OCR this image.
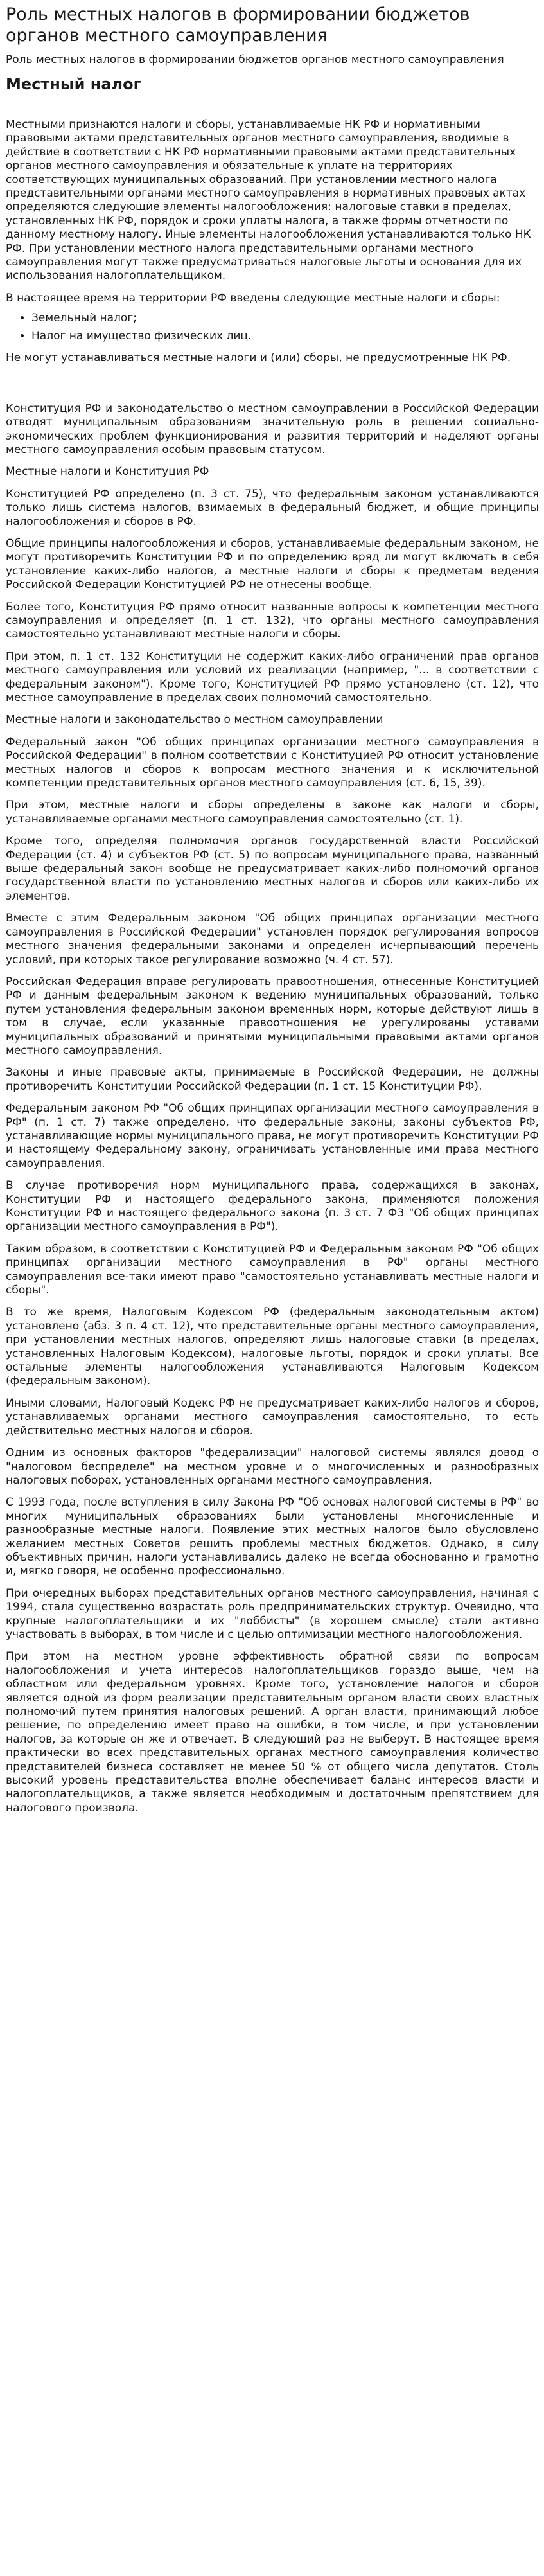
Роль местных налогов в формировании бюджетов органов местного самоуправления
Роль местных налогов в формировании бюджетов органов местного самоуправления
Местный налог

Местными признаются налоги и сборы, устанавливаемые НК РФ и нормативными правовыми актами представительных органов местного самоуправления, вводимые в действие в соответствии с НК РФ нормативными правовыми актами представительных органов местного самоуправления и обязательные к уплате на территориях соответствующих муниципальных образований. При установлении местного налога представительными органами местного самоуправления в нормативных правовых актах определяются следующие элементы налогообложения: налоговые ставки в пределах, установленных НК РФ, порядок и сроки уплаты налога, а также формы отчетности по данному местному налогу. Иные элементы налогообложения устанавливаются только НК РФ. При установлении местного налога представительными органами местного самоуправления могут также предусматриваться налоговые льготы и основания для их использования налогоплательщиком.

В настоящее время на территории РФ введены следующие местные налоги и сборы:

• Земельный налог;
• Налог на имущество физических лиц.

Не могут устанавливаться местные налоги и (или) сборы, не предусмотренные НК РФ.

Конституция РФ и законодательство о местном самоуправлении в Российской Федерации отводят муниципальным образованиям значительную роль в решении социально-экономических проблем функционирования и развития территорий и наделяют органы местного самоуправления особым правовым статусом.

Местные налоги и Конституция РФ

Конституцией РФ определено (п. 3 ст. 75), что федеральным законом устанавливаются только лишь система налогов, взимаемых в федеральный бюджет, и общие принципы налогообложения и сборов в РФ.

Общие принципы налогообложения и сборов, устанавливаемые федеральным законом, не могут противоречить Конституции РФ и по определению вряд ли могут включать в себя установление каких-либо налогов, а местные налоги и сборы к предметам ведения Российской Федерации Конституцией РФ не отнесены вообще.

Более того, Конституция РФ прямо относит названные вопросы к компетенции местного самоуправления и определяет (п. 1 ст. 132), что органы местного самоуправления самостоятельно устанавливают местные налоги и сборы.

При этом, п. 1 ст. 132 Конституции не содержит каких-либо ограничений прав органов местного самоуправления или условий их реализации (например, "... в соответствии с федеральным законом"). Кроме того, Конституцией РФ прямо установлено (ст. 12), что местное самоуправление в пределах своих полномочий самостоятельно.

Местные налоги и законодательство о местном самоуправлении

Федеральный закон "Об общих принципах организации местного самоуправления в Российской Федерации" в полном соответствии с Конституцией РФ относит установление местных налогов и сборов к вопросам местного значения и к исключительной компетенции представительных органов местного самоуправления (ст. 6, 15, 39).

При этом, местные налоги и сборы определены в законе как налоги и сборы, устанавливаемые органами местного самоуправления самостоятельно (ст. 1).

Кроме того, определяя полномочия органов государственной власти Российской Федерации (ст. 4) и субъектов РФ (ст. 5) по вопросам муниципального права, названный выше федеральный закон вообще не предусматривает каких-либо полномочий органов государственной власти по установлению местных налогов и сборов или каких-либо их элементов.

Вместе с этим Федеральным законом "Об общих принципах организации местного самоуправления в Российской Федерации" установлен порядок регулирования вопросов местного значения федеральными законами и определен исчерпывающий перечень условий, при которых такое регулирование возможно (ч. 4 ст. 57).

Российская Федерация вправе регулировать правоотношения, отнесенные Конституцией РФ и данным федеральным законом к ведению муниципальных образований, только путем установления федеральным законом временных норм, которые действуют лишь в том в случае, если указанные правоотношения не урегулированы уставами муниципальных образований и принятыми муниципальными правовыми актами органов местного самоуправления.

Законы и иные правовые акты, принимаемые в Российской Федерации, не должны противоречить Конституции Российской Федерации (п. 1 ст. 15 Конституции РФ).

Федеральным законом РФ "Об общих принципах организации местного самоуправления в РФ" (п. 1 ст. 7) также определено, что федеральные законы, законы субъектов РФ, устанавливающие нормы муниципального права, не могут противоречить Конституции РФ и настоящему Федеральному закону, ограничивать установленные ими права местного самоуправления.

В случае противоречия норм муниципального права, содержащихся в законах, Конституции РФ и настоящего федерального закона, применяются положения Конституции РФ и настоящего федерального закона (п. 3 ст. 7 ФЗ "Об общих принципах организации местного самоуправления в РФ").

Таким образом, в соответствии с Конституцией РФ и Федеральным законом РФ "Об общих принципах организации местного самоуправления в РФ" органы местного самоуправления все-таки имеют право "самостоятельно устанавливать местные налоги и сборы".

В то же время, Налоговым Кодексом РФ (федеральным законодательным актом) установлено (абз. 3 п. 4 ст. 12), что представительные органы местного самоуправления, при установлении местных налогов, определяют лишь налоговые ставки (в пределах, установленных Налоговым Кодексом), налоговые льготы, порядок и сроки уплаты. Все остальные элементы налогообложения устанавливаются Налоговым Кодексом (федеральным законом).

Иными словами, Налоговый Кодекс РФ не предусматривает каких-либо налогов и сборов, устанавливаемых органами местного самоуправления самостоятельно, то есть действительно местных налогов и сборов.

Одним из основных факторов "федерализации" налоговой системы являлся довод о "налоговом беспределе" на местном уровне и о многочисленных и разнообразных налоговых поборах, установленных органами местного самоуправления.

С 1993 года, после вступления в силу Закона РФ "Об основах налоговой системы в РФ" во многих муниципальных образованиях были установлены многочисленные и разнообразные местные налоги. Появление этих местных налогов было обусловлено желанием местных Советов решить проблемы местных бюджетов. Однако, в силу объективных причин, налоги устанавливались далеко не всегда обоснованно и грамотно и, мягко говоря, не особенно профессионально.

При очередных выборах представительных органов местного самоуправления, начиная с 1994, стала существенно возрастать роль предпринимательских структур. Очевидно, что крупные налогоплательщики и их "лоббисты" (в хорошем смысле) стали активно участвовать в выборах, в том числе и с целью оптимизации местного налогообложения.

При этом на местном уровне эффективность обратной связи по вопросам налогообложения и учета интересов налогоплательщиков гораздо выше, чем на областном или федеральном уровнях. Кроме того, установление налогов и сборов является одной из форм реализации представительным органом власти своих властных полномочий путем принятия налоговых решений. А орган власти, принимающий любое решение, по определению имеет право на ошибки, в том числе, и при установлении налогов, за которые он же и отвечает. В следующий раз не выберут. В настоящее время практически во всех представительных органах местного самоуправления количество представителей бизнеса составляет не менее 50 % от общего числа депутатов. Столь высокий уровень представительства вполне обеспечивает баланс интересов власти и налогоплательщиков, а также является необходимым и достаточным препятствием для налогового произвола.
